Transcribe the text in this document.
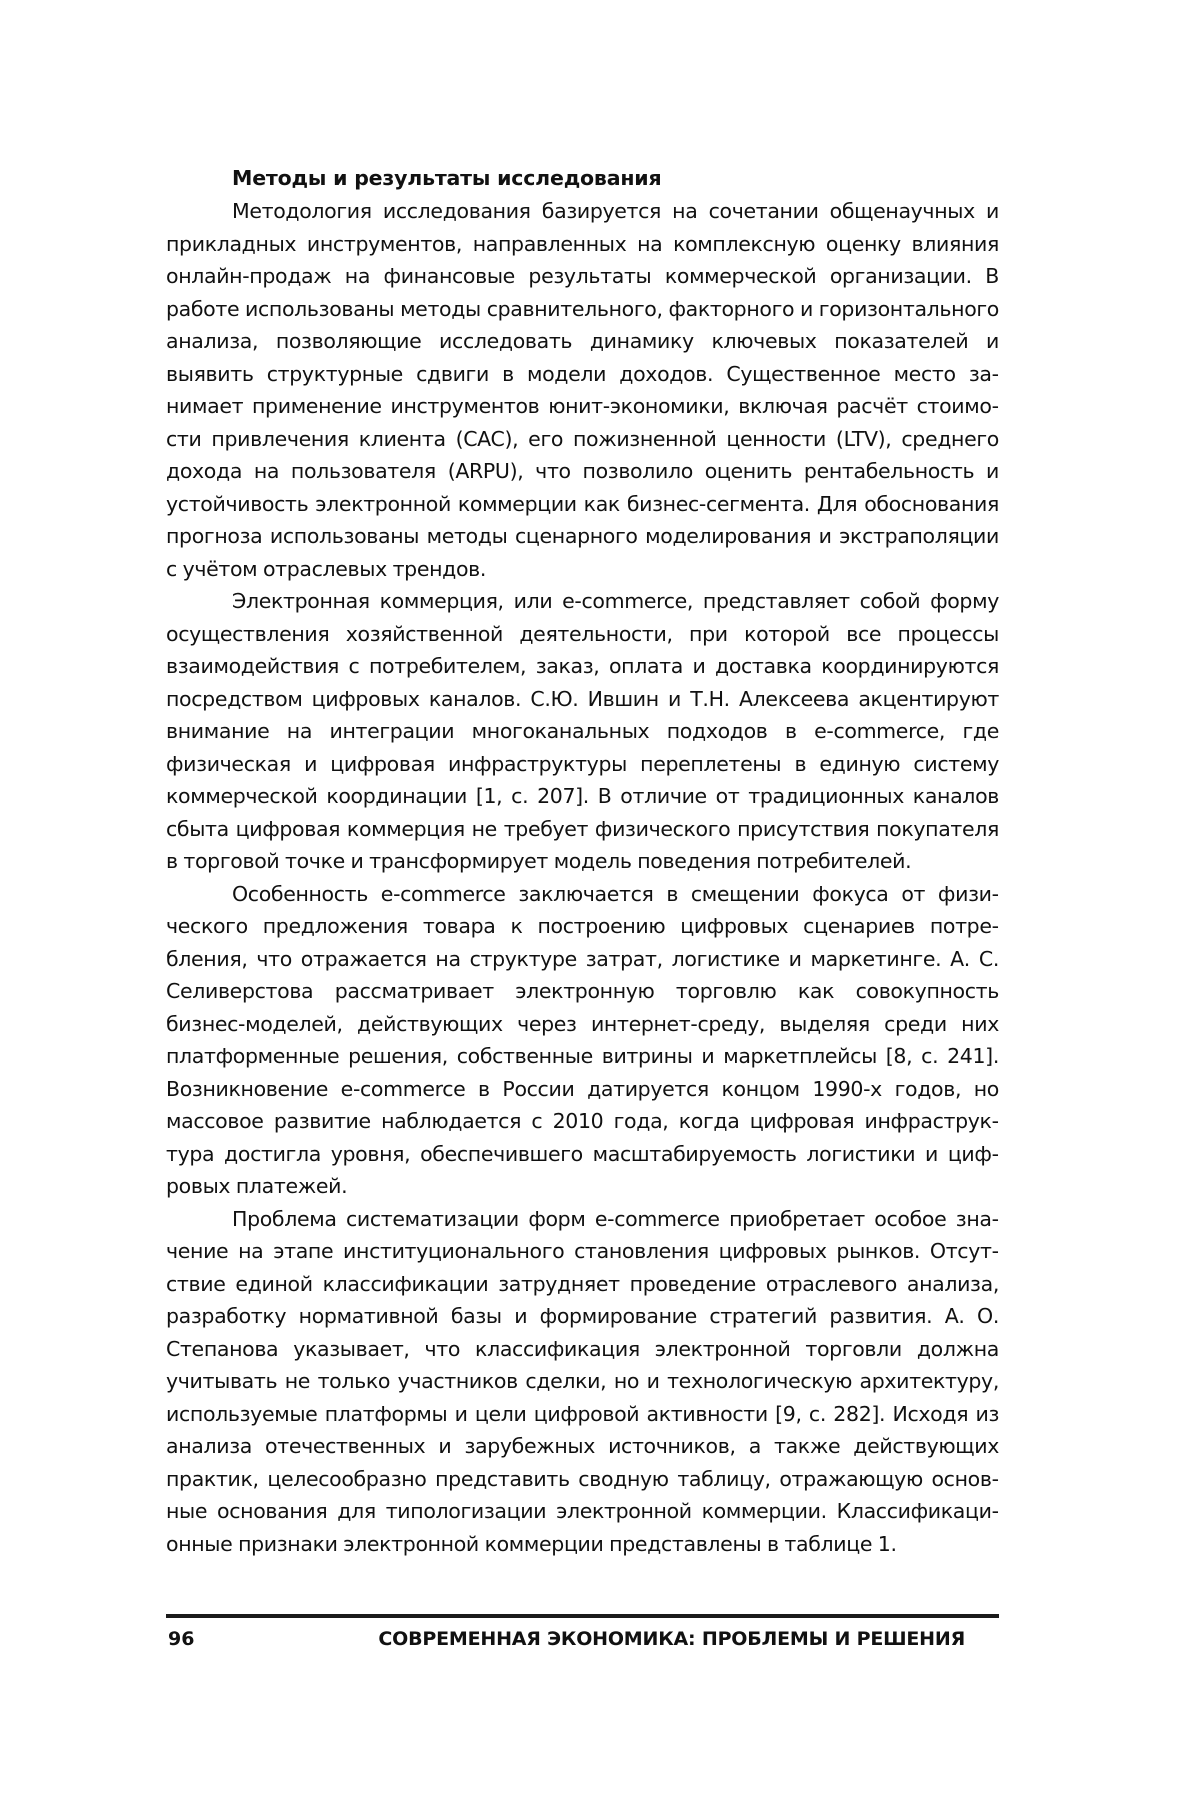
Методы и результаты исследования

Методология исследования базируется на сочетании общенаучных и прикладных инструментов, направленных на комплексную оценку влияния онлайн-продаж на финансовые результаты коммерческой организации. В работе использованы методы сравнительного, факторного и горизонтального анализа, позволяющие исследовать динамику ключевых показателей и выявить структурные сдвиги в модели доходов. Существенное место занимает применение инструментов юнит-экономики, включая расчёт стоимости привлечения клиента (CAC), его пожизненной ценности (LTV), среднего дохода на пользователя (ARPU), что позволило оценить рентабельность и устойчивость электронной коммерции как бизнес-сегмента. Для обоснования прогноза использованы методы сценарного моделирования и экстраполяции с учётом отраслевых трендов.

Электронная коммерция, или e-commerce, представляет собой форму осуществления хозяйственной деятельности, при которой все процессы взаимодействия с потребителем, заказ, оплата и доставка координируются посредством цифровых каналов. С.Ю. Ившин и Т.Н. Алексеева акцентируют внимание на интеграции многоканальных подходов в e-commerce, где физическая и цифровая инфраструктуры переплетены в единую систему коммерческой координации [1, с. 207]. В отличие от традиционных каналов сбыта цифровая коммерция не требует физического присутствия покупателя в торговой точке и трансформирует модель поведения потребителей.

Особенность e-commerce заключается в смещении фокуса от физического предложения товара к построению цифровых сценариев потребления, что отражается на структуре затрат, логистике и маркетинге. А. С. Селиверстова рассматривает электронную торговлю как совокупность бизнес-моделей, действующих через интернет-среду, выделяя среди них платформенные решения, собственные витрины и маркетплейсы [8, с. 241]. Возникновение e-commerce в России датируется концом 1990-х годов, но массовое развитие наблюдается с 2010 года, когда цифровая инфраструктура достигла уровня, обеспечившего масштабируемость логистики и цифровых платежей.

Проблема систематизации форм e-commerce приобретает особое значение на этапе институционального становления цифровых рынков. Отсутствие единой классификации затрудняет проведение отраслевого анализа, разработку нормативной базы и формирование стратегий развития. А. О. Степанова указывает, что классификация электронной торговли должна учитывать не только участников сделки, но и технологическую архитектуру, используемые платформы и цели цифровой активности [9, с. 282]. Исходя из анализа отечественных и зарубежных источников, а также действующих практик, целесообразно представить сводную таблицу, отражающую основные основания для типологизации электронной коммерции. Классификационные признаки электронной коммерции представлены в таблице 1.

96	СОВРЕМЕННАЯ ЭКОНОМИКА: ПРОБЛЕМЫ И РЕШЕНИЯ
